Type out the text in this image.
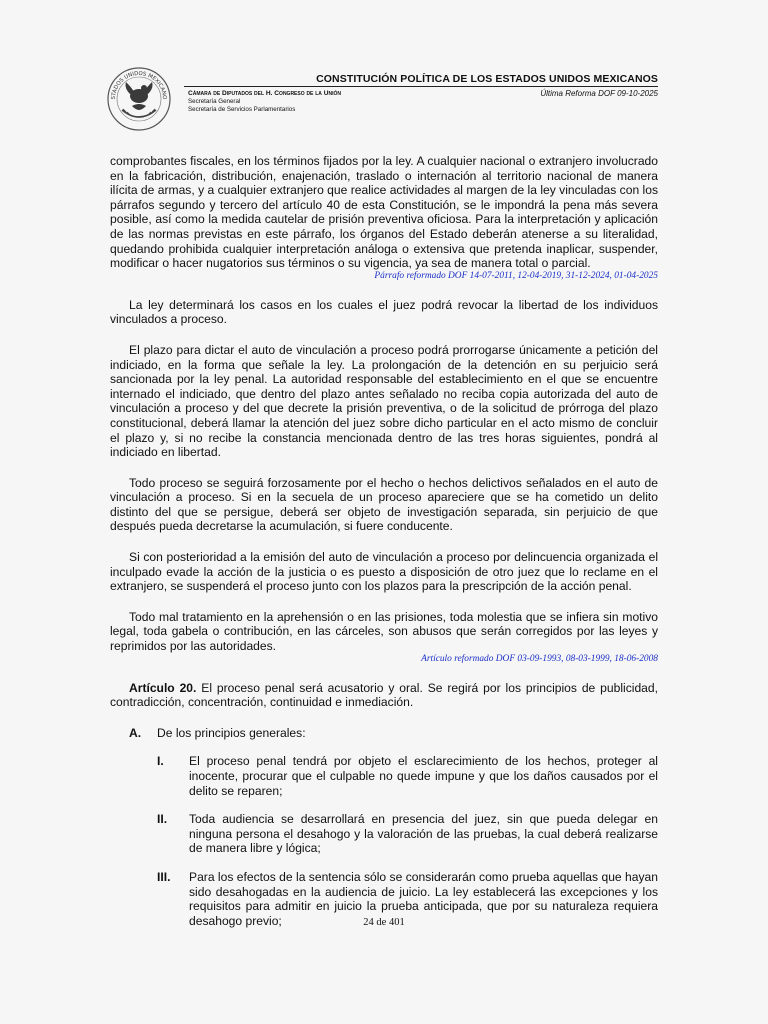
STADOS UNIDOS MEXICANO
CONSTITUCIÓN POLÍTICA DE LOS ESTADOS UNIDOS MEXICANOS
Cámara de Diputados del H. Congreso de la Unión
Secretaría General
Secretaría de Servicios Parlamentarios
Última Reforma DOF 09-10-2025

comprobantes fiscales, en los términos fijados por la ley. A cualquier nacional o extranjero involucrado en la fabricación, distribución, enajenación, traslado o internación al territorio nacional de manera ilícita de armas, y a cualquier extranjero que realice actividades al margen de la ley vinculadas con los párrafos segundo y tercero del artículo 40 de esta Constitución, se le impondrá la pena más severa posible, así como la medida cautelar de prisión preventiva oficiosa. Para la interpretación y aplicación de las normas previstas en este párrafo, los órganos del Estado deberán atenerse a su literalidad, quedando prohibida cualquier interpretación análoga o extensiva que pretenda inaplicar, suspender, modificar o hacer nugatorios sus términos o su vigencia, ya sea de manera total o parcial.

Párrafo reformado DOF 14-07-2011, 12-04-2019, 31-12-2024, 01-04-2025

La ley determinará los casos en los cuales el juez podrá revocar la libertad de los individuos vinculados a proceso.

El plazo para dictar el auto de vinculación a proceso podrá prorrogarse únicamente a petición del indiciado, en la forma que señale la ley. La prolongación de la detención en su perjuicio será sancionada por la ley penal. La autoridad responsable del establecimiento en el que se encuentre internado el indiciado, que dentro del plazo antes señalado no reciba copia autorizada del auto de vinculación a proceso y del que decrete la prisión preventiva, o de la solicitud de prórroga del plazo constitucional, deberá llamar la atención del juez sobre dicho particular en el acto mismo de concluir el plazo y, si no recibe la constancia mencionada dentro de las tres horas siguientes, pondrá al indiciado en libertad.

Todo proceso se seguirá forzosamente por el hecho o hechos delictivos señalados en el auto de vinculación a proceso. Si en la secuela de un proceso apareciere que se ha cometido un delito distinto del que se persigue, deberá ser objeto de investigación separada, sin perjuicio de que después pueda decretarse la acumulación, si fuere conducente.

Si con posterioridad a la emisión del auto de vinculación a proceso por delincuencia organizada el inculpado evade la acción de la justicia o es puesto a disposición de otro juez que lo reclame en el extranjero, se suspenderá el proceso junto con los plazos para la prescripción de la acción penal.

Todo mal tratamiento en la aprehensión o en las prisiones, toda molestia que se infiera sin motivo legal, toda gabela o contribución, en las cárceles, son abusos que serán corregidos por las leyes y reprimidos por las autoridades.

Artículo reformado DOF 03-09-1993, 08-03-1999, 18-06-2008

Artículo 20. El proceso penal será acusatorio y oral. Se regirá por los principios de publicidad, contradicción, concentración, continuidad e inmediación.

A.	De los principios generales:
I.	El proceso penal tendrá por objeto el esclarecimiento de los hechos, proteger al inocente, procurar que el culpable no quede impune y que los daños causados por el delito se reparen;
II.	Toda audiencia se desarrollará en presencia del juez, sin que pueda delegar en ninguna persona el desahogo y la valoración de las pruebas, la cual deberá realizarse de manera libre y lógica;
III.	Para los efectos de la sentencia sólo se considerarán como prueba aquellas que hayan sido desahogadas en la audiencia de juicio. La ley establecerá las excepciones y los requisitos para admitir en juicio la prueba anticipada, que por su naturaleza requiera desahogo previo;	24 de 401
